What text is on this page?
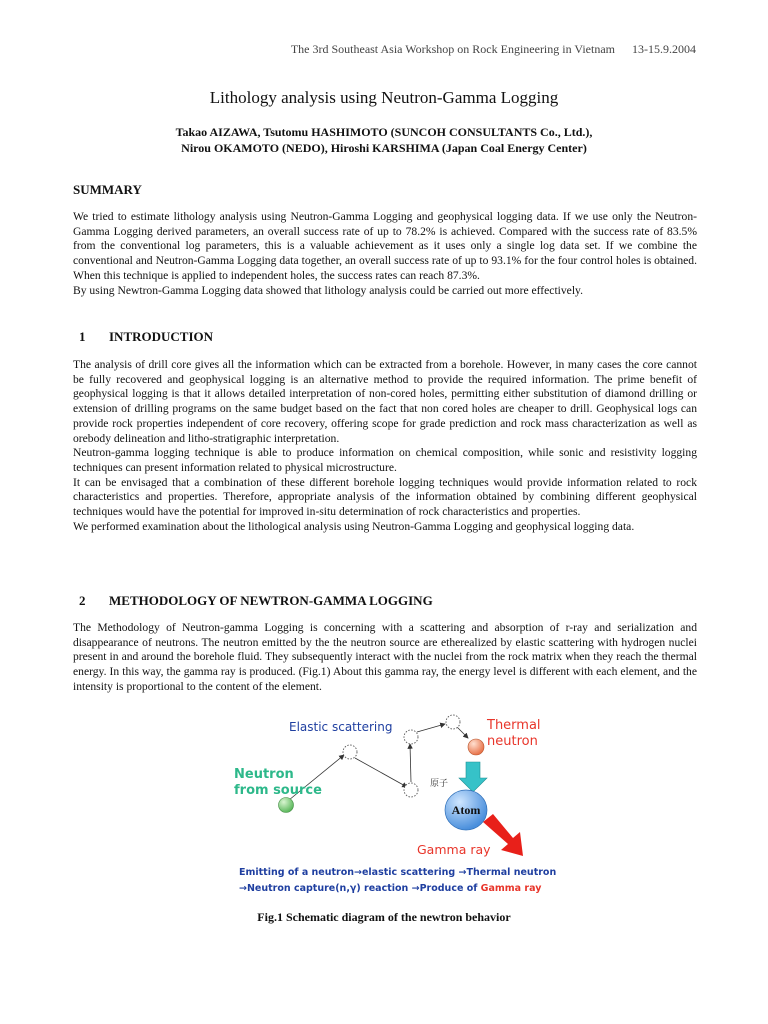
The 3rd Southeast Asia Workshop on Rock Engineering in Vietnam 13-15.9.2004
Lithology analysis using Neutron-Gamma Logging
Takao AIZAWA, Tsutomu HASHIMOTO (SUNCOH CONSULTANTS Co., Ltd.),
Nirou OKAMOTO (NEDO), Hiroshi KARSHIMA (Japan Coal Energy Center)
SUMMARY

We tried to estimate lithology analysis using Neutron-Gamma Logging and geophysical logging data. If we use only the Neutron-Gamma Logging derived parameters, an overall success rate of up to 78.2% is achieved. Compared with the success rate of 83.5% from the conventional log parameters, this is a valuable achievement as it uses only a single log data set. If we combine the conventional and Neutron-Gamma Logging data together, an overall success rate of up to 93.1% for the four control holes is obtained. When this technique is applied to independent holes, the success rates can reach 87.3%.

By using Newtron-Gamma Logging data showed that lithology analysis could be carried out more effectively.

1 INTRODUCTION

The analysis of drill core gives all the information which can be extracted from a borehole. However, in many cases the core cannot be fully recovered and geophysical logging is an alternative method to provide the required information. The prime benefit of geophysical logging is that it allows detailed interpretation of non-cored holes, permitting either substitution of diamond drilling or extension of drilling programs on the same budget based on the fact that non cored holes are cheaper to drill. Geophysical logs can provide rock properties independent of core recovery, offering scope for grade prediction and rock mass characterization as well as orebody delineation and litho-stratigraphic interpretation.

Neutron-gamma logging technique is able to produce information on chemical composition, while sonic and resistivity logging techniques can present information related to physical microstructure.

It can be envisaged that a combination of these different borehole logging techniques would provide information related to rock characteristics and properties. Therefore, appropriate analysis of the information obtained by combining different geophysical techniques would have the potential for improved in-situ determination of rock characteristics and properties.

We performed examination about the lithological analysis using Neutron-Gamma Logging and geophysical logging data.

2 METHODOLOGY OF NEWTRON-GAMMA LOGGING

The Methodology of Neutron-gamma Logging is concerning with a scattering and absorption of r-ray and serialization and disappearance of neutrons. The neutron emitted by the the neutron source are etherealized by elastic scattering with hydrogen nuclei present in and around the borehole fluid. They subsequently interact with the nuclei from the rock matrix when they reach the thermal energy. In this way, the gamma ray is produced. (Fig.1) About this gamma ray, the energy level is different with each element, and the intensity is proportional to the content of the element.

原子
Atom
Elastic scattering	Thermal
neutron
Neutron
from source
Gamma ray
Emitting of a neutron→elastic scattering →Thermal neutron
→Neutron capture(n,γ) reaction →Produce of Gamma ray
Fig.1 Schematic diagram of the newtron behavior
